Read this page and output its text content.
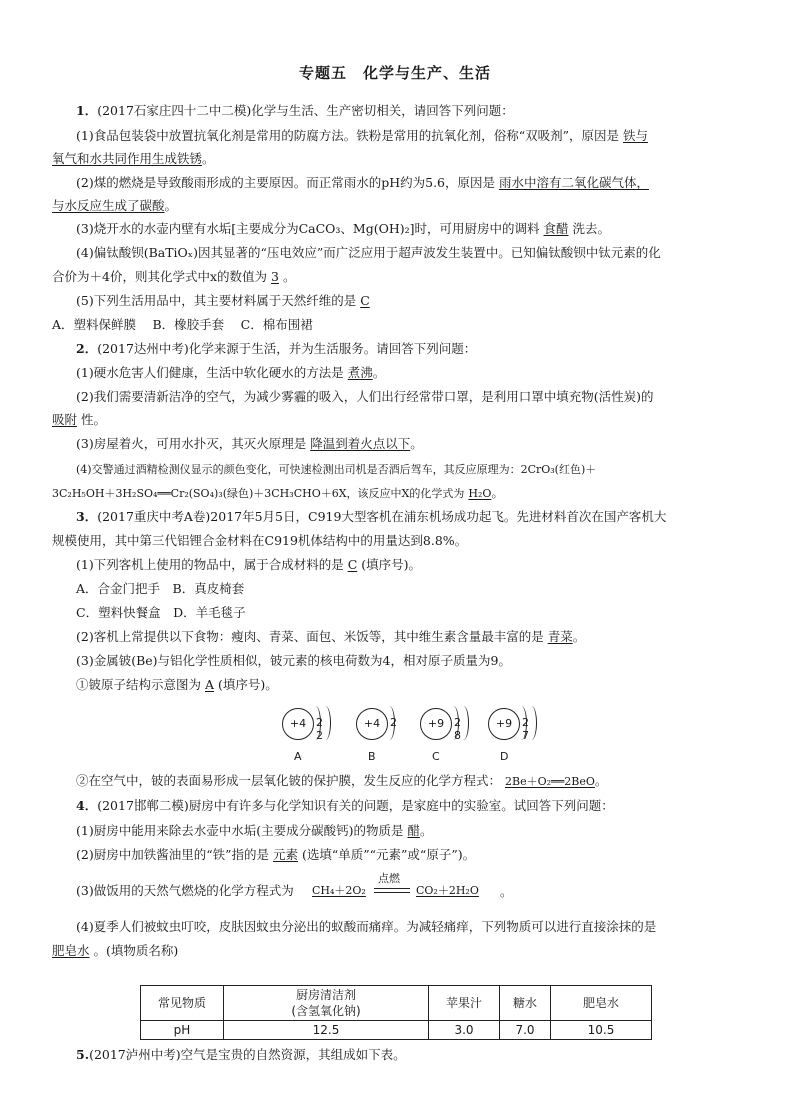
专题五　化学与生产、生活
1．(2017石家庄四十二中二模)化学与生活、生产密切相关，请回答下列问题：
(1)食品包装袋中放置抗氧化剂是常用的防腐方法。铁粉是常用的抗氧化剂，俗称“双吸剂”，原因是 铁与
氧气和水共同作用生成铁锈。
(2)煤的燃烧是导致酸雨形成的主要原因。而正常雨水的pH约为5.6，原因是 雨水中溶有二氧化碳气体，
与水反应生成了碳酸。
(3)烧开水的水壶内壁有水垢[主要成分为CaCO₃、Mg(OH)₂]时，可用厨房中的调料 食醋 洗去。
(4)偏钛酸钡(BaTiOₓ)因其显著的“压电效应”而广泛应用于超声波发生装置中。已知偏钛酸钡中钛元素的化
合价为＋4价，则其化学式中x的数值为 3 。
(5)下列生活用品中，其主要材料属于天然纤维的是 C
A．塑料保鲜膜　 B．橡胶手套　 C．棉布围裙
2．(2017达州中考)化学来源于生活，并为生活服务。请回答下列问题：
(1)硬水危害人们健康，生活中软化硬水的方法是 煮沸。
(2)我们需要清新洁净的空气，为减少雾霾的吸入，人们出行经常带口罩，是利用口罩中填充物(活性炭)的
吸附 性。
(3)房屋着火，可用水扑灭，其灭火原理是 降温到着火点以下。
(4)交警通过酒精检测仪显示的颜色变化，可快速检测出司机是否酒后驾车，其反应原理为：2CrO₃(红色)＋
3C₂H₅OH＋3H₂SO₄══Cr₂(SO₄)₃(绿色)＋3CH₃CHO＋6X，该反应中X的化学式为 H₂O。
3．(2017重庆中考A卷)2017年5月5日，C919大型客机在浦东机场成功起飞。先进材料首次在国产客机大
规模使用，其中第三代铝锂合金材料在C919机体结构中的用量达到8.8%。
(1)下列客机上使用的物品中，属于合成材料的是 C (填序号)。
A．合金门把手　B．真皮椅套
C．塑料快餐盒　D．羊毛毯子
(2)客机上常提供以下食物：瘦肉、青菜、面包、米饭等，其中维生素含量最丰富的是 青菜。
(3)金属铍(Be)与铝化学性质相似，铍元素的核电荷数为4，相对原子质量为9。
①铍原子结构示意图为 A (填序号)。
+4 2 2
A
+4 2
B
+9 2 8
C
+9 2 7
D
②在空气中，铍的表面易形成一层氧化铍的保护膜，发生反应的化学方程式： 2Be＋O₂══2BeO。
4．(2017邯郸二模)厨房中有许多与化学知识有关的问题，是家庭中的实验室。试回答下列问题：
(1)厨房中能用来除去水壶中水垢(主要成分碳酸钙)的物质是 醋。
(2)厨房中加铁酱油里的“铁”指的是 元素 (选填“单质”“元素”或“原子”)。
(3)做饭用的天然气燃烧的化学方程式为 CH₄＋2O₂
点燃
CO₂＋2H₂O 。
(4)夏季人们被蚊虫叮咬，皮肤因蚊虫分泌出的蚁酸而痛痒。为减轻痛痒，下列物质可以进行直接涂抹的是
肥皂水 。(填物质名称)
常见物质	厨房清洁剂
(含氢氧化钠)	苹果汁	糖水	肥皂水
pH	12.5	3.0	7.0	10.5
5.(2017泸州中考)空气是宝贵的自然资源，其组成如下表。
